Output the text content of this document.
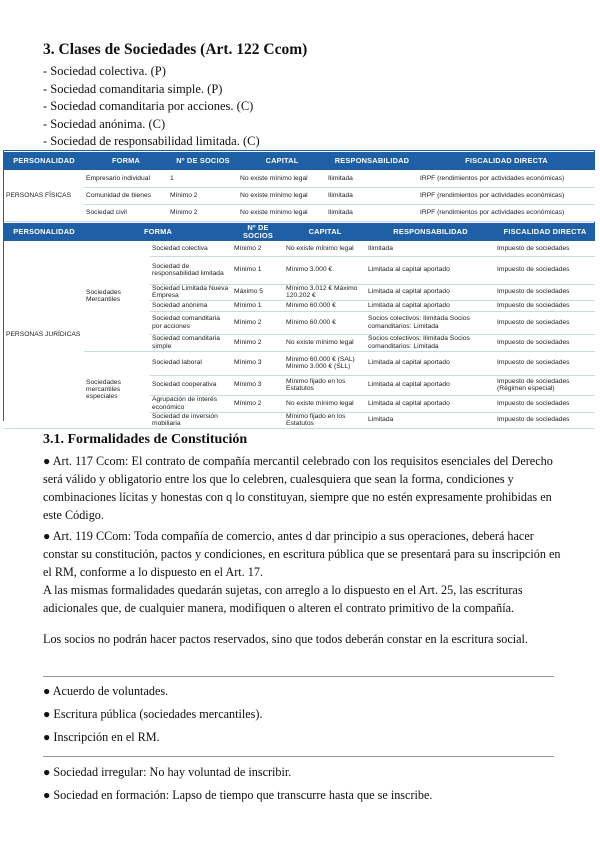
3. Clases de Sociedades (Art. 122 Ccom)
- Sociedad colectiva. (P)
- Sociedad comanditaria simple. (P)
- Sociedad comanditaria por acciones. (C)
- Sociedad anónima. (C)
- Sociedad de responsabilidad limitada. (C)
PERSONALIDAD	FORMA	Nº DE SOCIOS	CAPITAL	RESPONSABILIDAD	FISCALIDAD DIRECTA
PERSONAS FÍSICAS	Empresario individual	1	No existe mínimo legal	Ilimitada	IRPF (rendimientos por actividades económicas)
	Comunidad de bienes	Mínimo 2	No existe mínimo legal	Ilimitada	IRPF (rendimientos por actividades económicas)
	Sociedad civil	Mínimo 2	No existe mínimo legal	Ilimitada	IRPF (rendimientos por actividades económicas)
PERSONALIDAD	FORMA		Nº DE SOCIOS	CAPITAL	RESPONSABILIDAD	FISCALIDAD DIRECTA
PERSONAS JURÍDICAS	Sociedades Mercantiles	Sociedad colectiva	Mínimo 2	No existe mínimo legal	Ilimitada	Impuesto de sociedades
		Sociedad de responsabilidad limitada	Mínimo 1	Mínimo 3.000 €	Limitada al capital aportado	Impuesto de sociedades
		Sociedad Limitada Nueva Empresa	Máximo 5	Mínimo 3.012 € Máximo 120.202 €	Limitada al capital aportado	Impuesto de sociedades
		Sociedad anónima	Mínimo 1	Mínimo 60.000 €	Limitada al capital aportado	Impuesto de sociedades
		Sociedad comanditaria por acciones	Mínimo 2	Mínimo 60.000 €	Socios colectivos: Ilimitada Socios comanditarios: Limitada	Impuesto de sociedades
		Sociedad comanditaria simple	Mínimo 2	No existe mínimo legal	Socios colectivos: Ilimitada Socios comanditarios: Limitada	Impuesto de sociedades
	Sociedades mercantiles especiales	Sociedad laboral	Mínimo 3	Mínimo 60.000 € (SAL) Mínimo 3.000 € (SLL)	Limitada al capital aportado	Impuesto de sociedades
		Sociedad cooperativa	Mínimo 3	Mínimo fijado en los Estatutos	Limitada al capital aportado	Impuesto de sociedades (Régimen especial)
		Agrupación de interés económico	Mínimo 2	No existe mínimo legal	Limitada al capital aportado	Impuesto de sociedades
		Sociedad de inversión mobiliaria		Mínimo fijado en los Estatutos	Limitada	Impuesto de sociedades
3.1. Formalidades de Constitución

● Art. 117 Ccom: El contrato de compañía mercantil celebrado con los requisitos esenciales del Derecho será válido y obligatorio entre los que lo celebren, cualesquiera que sean la forma, condiciones y combinaciones lícitas y honestas con q lo constituyan, siempre que no estén expresamente prohibidas en este Código.

● Art. 119 CCom: Toda compañía de comercio, antes d dar principio a sus operaciones, deberá hacer constar su constitución, pactos y condiciones, en escritura pública que se presentará para su inscripción en el RM, conforme a lo dispuesto en el Art. 17.

A las mismas formalidades quedarán sujetas, con arreglo a lo dispuesto en el Art. 25, las escrituras adicionales que, de cualquier manera, modifiquen o alteren el contrato primitivo de la compañía.

Los socios no podrán hacer pactos reservados, sino que todos deberán constar en la escritura social.

● Acuerdo de voluntades.

● Escritura pública (sociedades mercantiles).

● Inscripción en el RM.

● Sociedad irregular: No hay voluntad de inscribir.

● Sociedad en formación: Lapso de tiempo que transcurre hasta que se inscribe.
